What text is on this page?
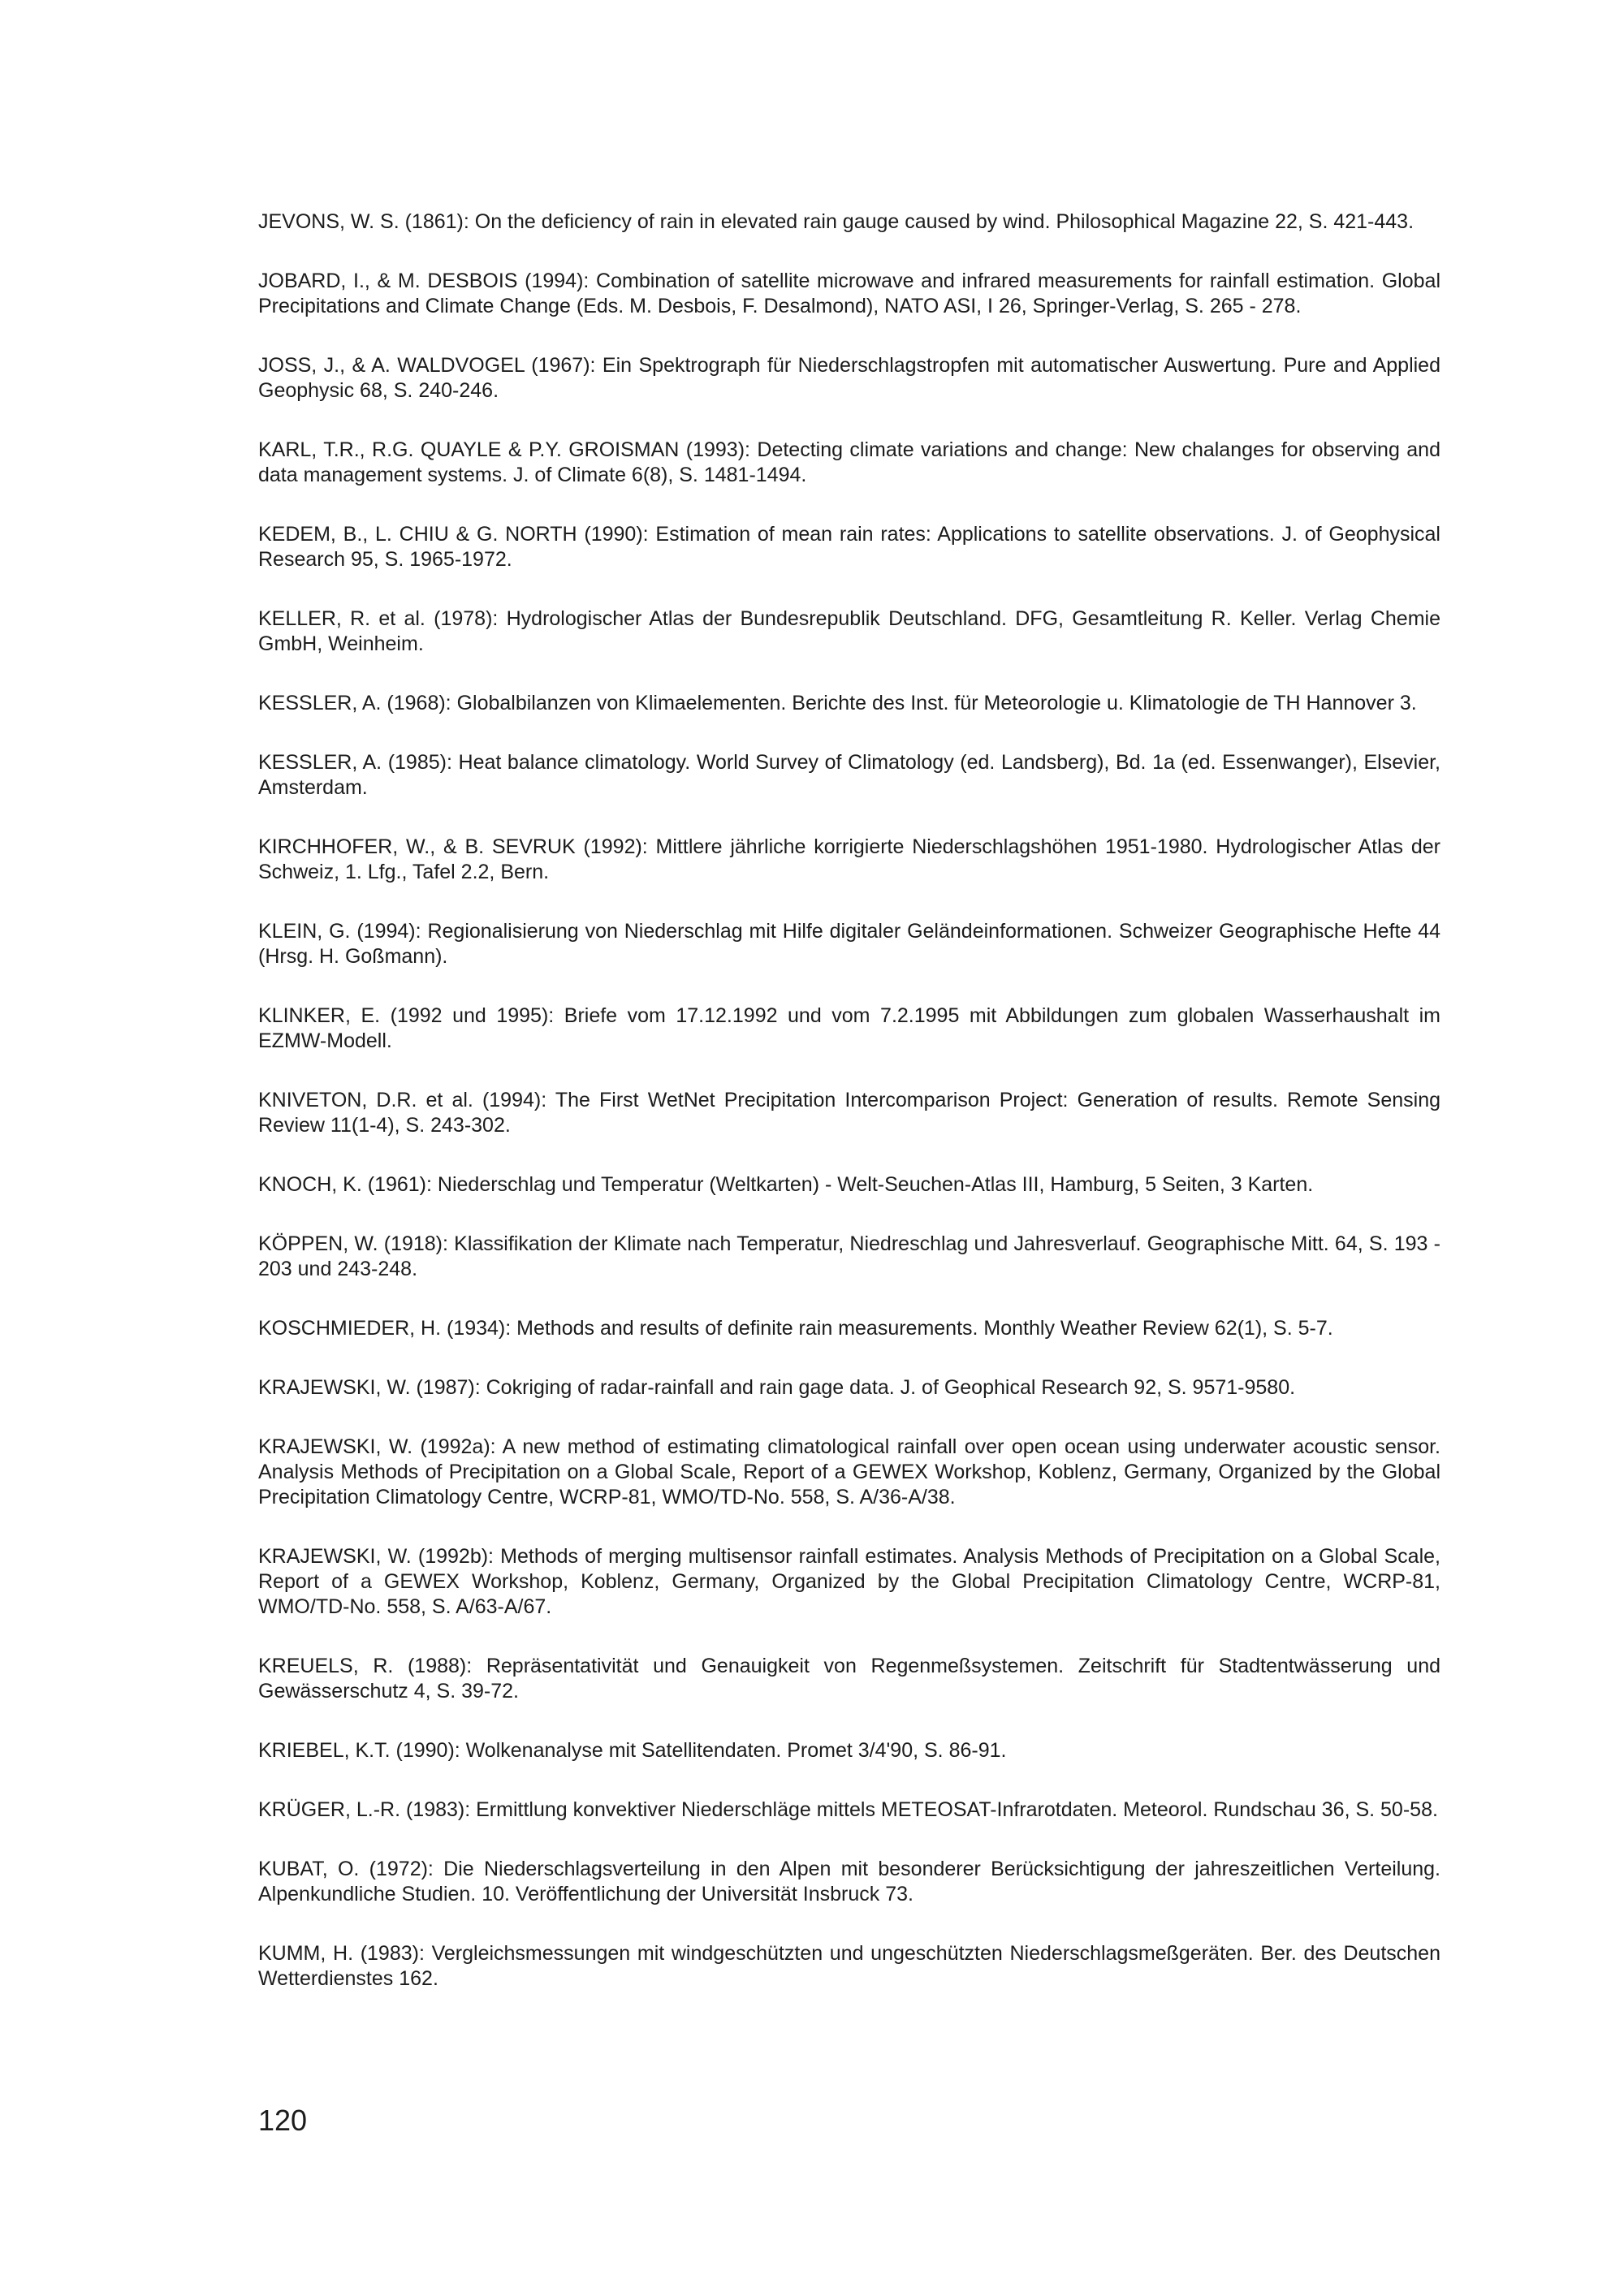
JEVONS, W. S. (1861): On the deficiency of rain in elevated rain gauge caused by wind. Philosophical Magazine 22, S. 421-443.
JOBARD, I., & M. DESBOIS (1994): Combination of satellite microwave and infrared measurements for rainfall estimation. Global Precipitations and Climate Change (Eds. M. Desbois, F. Desalmond), NATO ASI, I 26, Springer-Verlag, S. 265 - 278.
JOSS, J., & A. WALDVOGEL (1967): Ein Spektrograph für Niederschlagstropfen mit automatischer Auswertung. Pure and Applied Geophysic 68, S. 240-246.
KARL, T.R., R.G. QUAYLE & P.Y. GROISMAN (1993): Detecting climate variations and change: New chalanges for observing and data management systems. J. of Climate 6(8), S. 1481-1494.
KEDEM, B., L. CHIU & G. NORTH (1990): Estimation of mean rain rates: Applications to satellite observations. J. of Geophysical Research 95, S. 1965-1972.
KELLER, R. et al. (1978): Hydrologischer Atlas der Bundesrepublik Deutschland. DFG, Gesamtleitung R. Keller. Verlag Chemie GmbH, Weinheim.
KESSLER, A. (1968): Globalbilanzen von Klimaelementen. Berichte des Inst. für Meteorologie u. Klimatologie de TH Hannover 3.
KESSLER, A. (1985): Heat balance climatology. World Survey of Climatology (ed. Landsberg), Bd. 1a (ed. Essenwanger), Elsevier, Amsterdam.
KIRCHHOFER, W., & B. SEVRUK (1992): Mittlere jährliche korrigierte Niederschlagshöhen 1951-1980. Hydrologischer Atlas der Schweiz, 1. Lfg., Tafel 2.2, Bern.
KLEIN, G. (1994): Regionalisierung von Niederschlag mit Hilfe digitaler Geländeinformationen. Schweizer Geographische Hefte 44 (Hrsg. H. Goßmann).
KLINKER, E. (1992 und 1995): Briefe vom 17.12.1992 und vom 7.2.1995 mit Abbildungen zum globalen Wasserhaushalt im EZMW-Modell.
KNIVETON, D.R. et al. (1994): The First WetNet Precipitation Intercomparison Project: Generation of results. Remote Sensing Review 11(1-4), S. 243-302.
KNOCH, K. (1961): Niederschlag und Temperatur (Weltkarten) - Welt-Seuchen-Atlas III, Hamburg, 5 Seiten, 3 Karten.
KÖPPEN, W. (1918): Klassifikation der Klimate nach Temperatur, Niedreschlag und Jahresverlauf. Geographische Mitt. 64, S. 193 - 203 und 243-248.
KOSCHMIEDER, H. (1934): Methods and results of definite rain measurements. Monthly Weather Review 62(1), S. 5-7.
KRAJEWSKI, W. (1987): Cokriging of radar-rainfall and rain gage data. J. of Geophical Research 92, S. 9571-9580.
KRAJEWSKI, W. (1992a): A new method of estimating climatological rainfall over open ocean using underwater acoustic sensor. Analysis Methods of Precipitation on a Global Scale, Report of a GEWEX Workshop, Koblenz, Germany, Organized by the Global Precipitation Climatology Centre, WCRP-81, WMO/TD-No. 558, S. A/36-A/38.
KRAJEWSKI, W. (1992b): Methods of merging multisensor rainfall estimates. Analysis Methods of Precipitation on a Global Scale, Report of a GEWEX Workshop, Koblenz, Germany, Organized by the Global Precipitation Climatology Centre, WCRP-81, WMO/TD-No. 558, S. A/63-A/67.
KREUELS, R. (1988): Repräsentativität und Genauigkeit von Regenmeßsystemen. Zeitschrift für Stadtentwässerung und Gewässerschutz 4, S. 39-72.
KRIEBEL, K.T. (1990): Wolkenanalyse mit Satellitendaten. Promet 3/4'90, S. 86-91.
KRÜGER, L.-R. (1983): Ermittlung konvektiver Niederschläge mittels METEOSAT-Infrarotdaten. Meteorol. Rundschau 36, S. 50-58.
KUBAT, O. (1972): Die Niederschlagsverteilung in den Alpen mit besonderer Berücksichtigung der jahreszeitlichen Verteilung. Alpenkundliche Studien. 10. Veröffentlichung der Universität Insbruck 73.
KUMM, H. (1983): Vergleichsmessungen mit windgeschützten und ungeschützten Niederschlagsmeßgeräten. Ber. des Deutschen Wetterdienstes 162.
120
